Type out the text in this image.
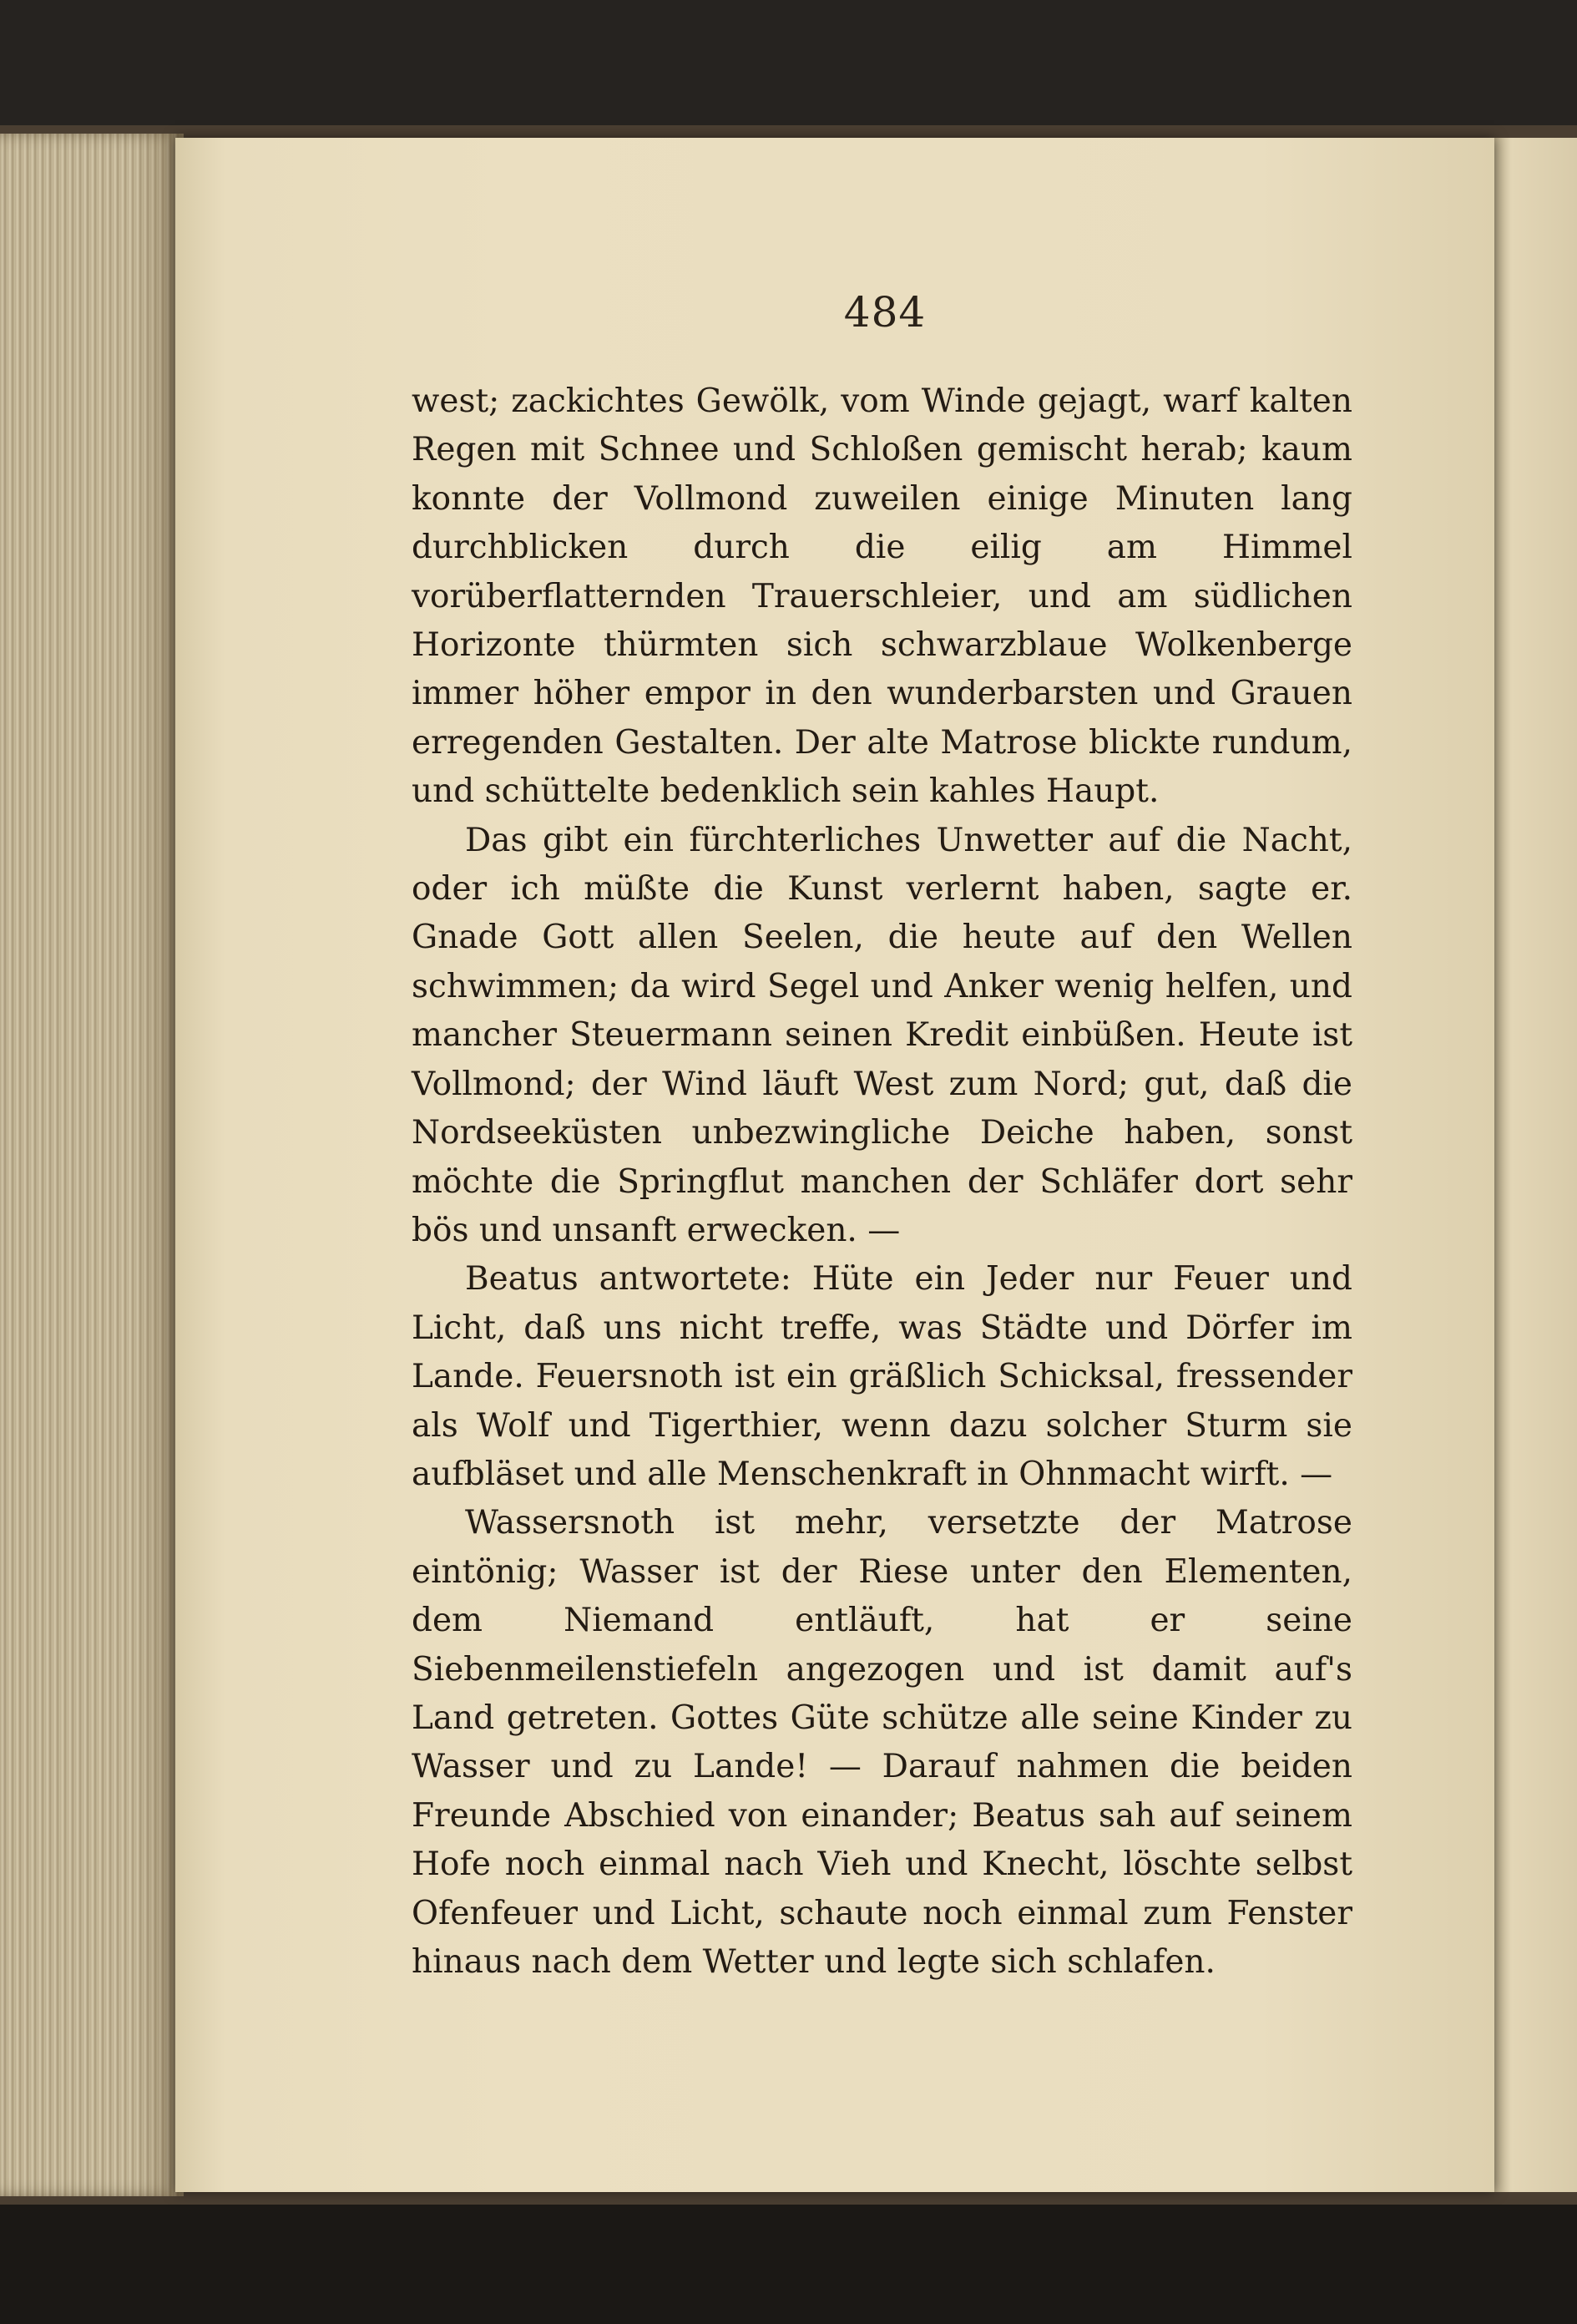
484

west; zackichtes Gewölk, vom Winde gejagt, warf kalten Regen mit Schnee und Schloßen gemischt herab; kaum konnte der Vollmond zuweilen einige Minuten lang durchblicken durch die eilig am Himmel vorüberflatternden Trauerschleier, und am südlichen Horizonte thürmten sich schwarzblaue Wolkenberge immer höher empor in den wunderbarsten und Grauen erregenden Gestalten. Der alte Matrose blickte rundum, und schüttelte bedenklich sein kahles Haupt.

Das gibt ein fürchterliches Unwetter auf die Nacht, oder ich müßte die Kunst verlernt haben, sagte er. Gnade Gott allen Seelen, die heute auf den Wellen schwimmen; da wird Segel und Anker wenig helfen, und mancher Steuermann seinen Kredit einbüßen. Heute ist Vollmond; der Wind läuft West zum Nord; gut, daß die Nordseeküsten unbezwingliche Deiche haben, sonst möchte die Springflut manchen der Schläfer dort sehr bös und unsanft erwecken. —

Beatus antwortete: Hüte ein Jeder nur Feuer und Licht, daß uns nicht treffe, was Städte und Dörfer im Lande. Feuersnoth ist ein gräßlich Schicksal, fressender als Wolf und Tigerthier, wenn dazu solcher Sturm sie aufbläset und alle Menschenkraft in Ohnmacht wirft. —

Wassersnoth ist mehr, versetzte der Matrose eintönig; Wasser ist der Riese unter den Elementen, dem Niemand entläuft, hat er seine Siebenmeilenstiefeln angezogen und ist damit auf's Land getreten. Gottes Güte schütze alle seine Kinder zu Wasser und zu Lande! — Darauf nahmen die beiden Freunde Abschied von einander; Beatus sah auf seinem Hofe noch einmal nach Vieh und Knecht, löschte selbst Ofenfeuer und Licht, schaute noch einmal zum Fenster hinaus nach dem Wetter und legte sich schlafen.
